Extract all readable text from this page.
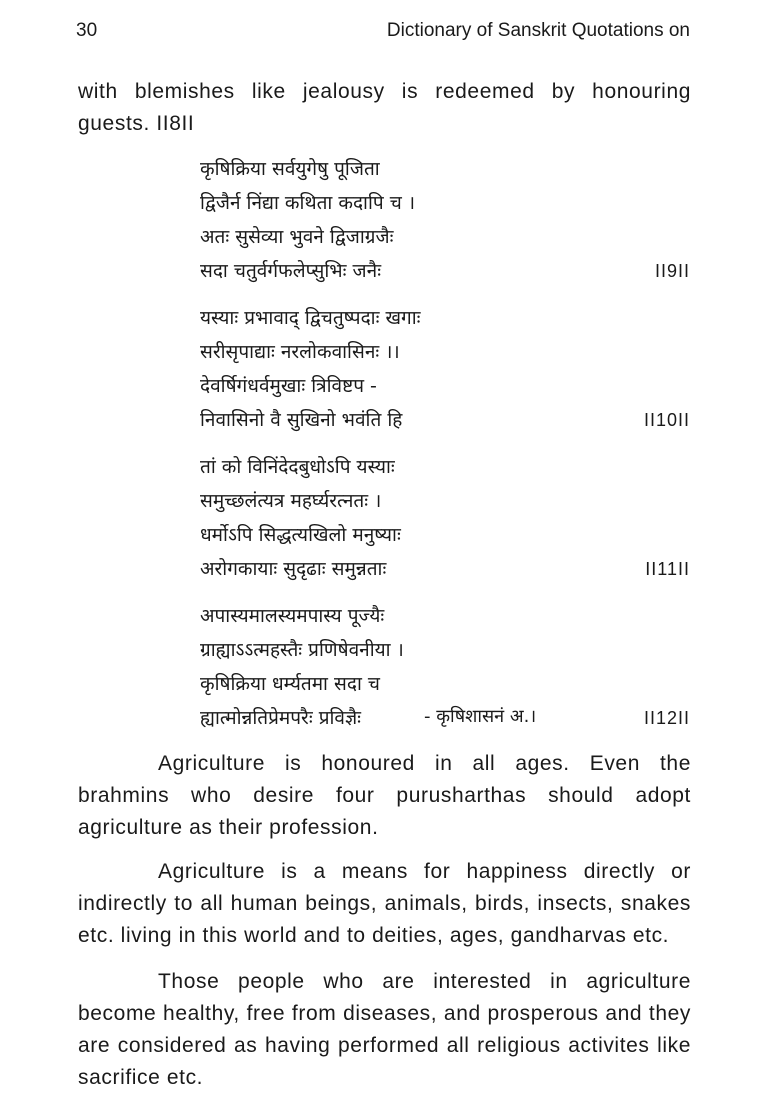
30	Dictionary of Sanskrit Quotations on

with blemishes like jealousy is redeemed by honouring guests. II8II

कृषिक्रिया सर्वयुगेषु पूजिता
द्विजैर्न निंद्या कथिता कदापि च ।
अतः सुसेव्या भुवने द्विजाग्रजैः
सदा चतुर्वर्गफलेप्सुभिः जनैः	II9II
यस्याः प्रभावाद् द्विचतुष्पदाः खगाः
सरीसृपाद्याः नरलोकवासिनः ।।
देवर्षिगंधर्वमुखाः त्रिविष्टप -
निवासिनो वै सुखिनो भवंति हि	II10II
तां को विनिंदेदबुधोऽपि यस्याः
समुच्छलंत्यत्र महर्घ्यरत्नतः ।
धर्मोऽपि सिद्धत्यखिलो मनुष्याः
अरोगकायाः सुदृढाः समुन्नताः	II11II
अपास्यमालस्यमपास्य पूज्यैः
ग्राह्याऽऽत्महस्तैः प्रणिषेवनीया ।
कृषिक्रिया धर्म्यतमा सदा च
ह्यात्मोन्नतिप्रेमपरैः प्रविज्ञैः	II12II
- कृषिशासनं अ.।

Agriculture is honoured in all ages. Even the brahmins who desire four purusharthas should adopt agriculture as their profession.

Agriculture is a means for happiness directly or indirectly to all human beings, animals, birds, insects, snakes etc. living in this world and to deities, ages, gandharvas etc.

Those people who are interested in agriculture become healthy, free from diseases, and prosperous and they are considered as having performed all religious activites like sacrifice etc.
